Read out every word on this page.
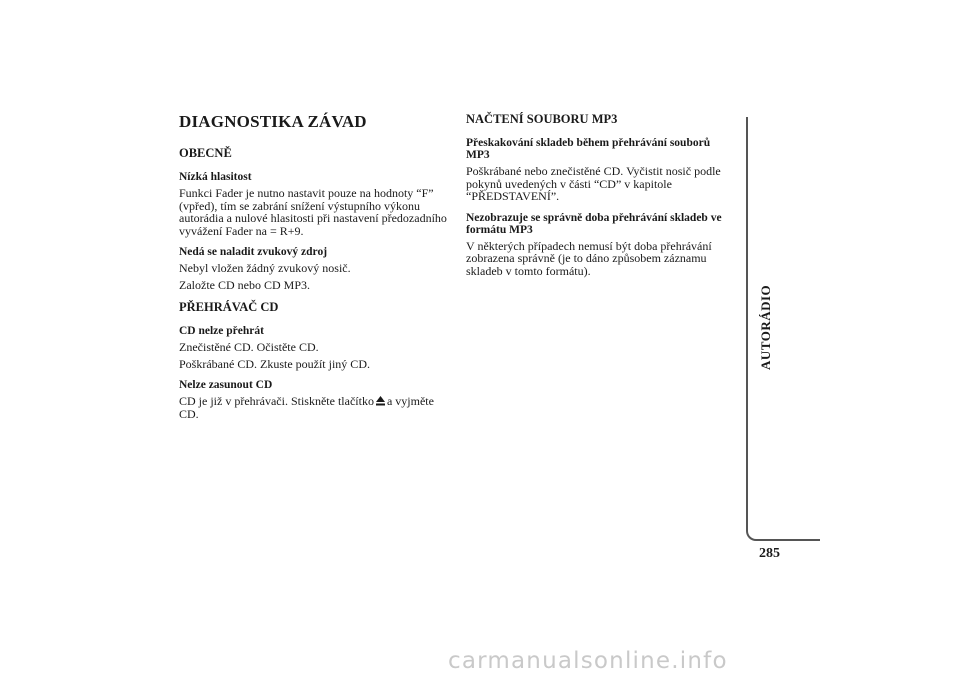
DIAGNOSTIKA ZÁVAD
OBECNĚ
Nízká hlasitost

Funkci Fader je nutno nastavit pouze na hodnoty “F” (vpřed), tím se zabrání snížení výstupního výkonu autorádia a nulové hlasitosti při nastavení předozadního vyvážení Fader na = R+9.

Nedá se naladit zvukový zdroj

Nebyl vložen žádný zvukový nosič.

Založte CD nebo CD MP3.

PŘEHRÁVAČ CD
CD nelze přehrát

Znečistěné CD. Očistěte CD.

Poškrábané CD. Zkuste použít jiný CD.

Nelze zasunout CD

CD je již v přehrávači. Stiskněte tlačítko a vyjměte CD.

NAČTENÍ SOUBORU MP3
Přeskakování skladeb během přehrávání souborů MP3

Poškrábané nebo znečistěné CD. Vyčistit nosič podle pokynů uvedených v části “CD” v kapitole “PŘEDSTAVENÍ”.

Nezobrazuje se správně doba přehrávání skladeb ve formátu MP3

V některých případech nemusí být doba přehrávání zobrazena správně (je to dáno způsobem záznamu skladeb v tomto formátu).

AUTORÁDIO
285
carmanualsonline.info
